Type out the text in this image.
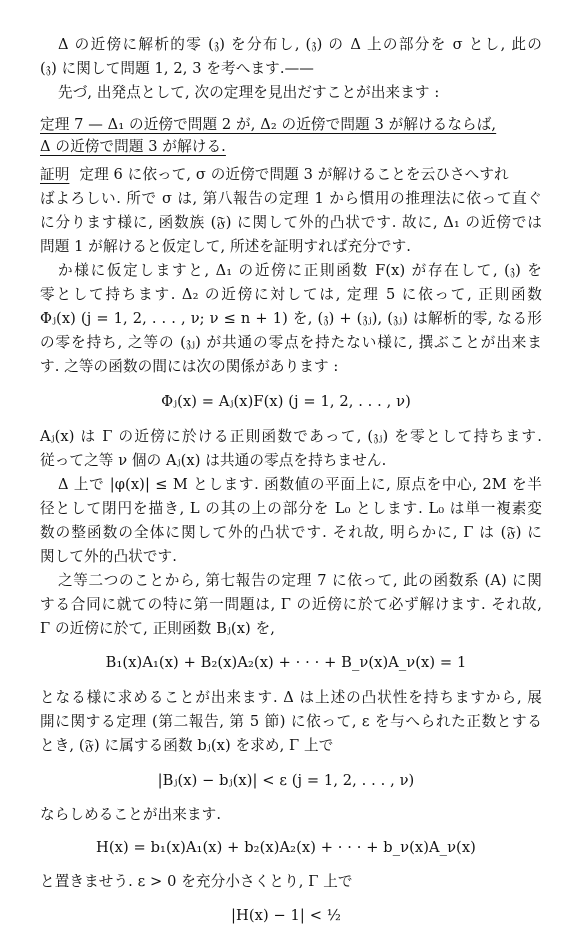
Δ の近傍に解析的零 (𝔷) を分布し, (𝔷) の Δ 上の部分を σ とし, 此の
(𝔷) に関して問題 1, 2, 3 を考へます.——
先づ, 出発点として, 次の定理を見出だすことが出来ます :
定理 7 — Δ₁ の近傍で問題 2 が, Δ₂ の近傍で問題 3 が解けるならば,
Δ の近傍で問題 3 が解ける.
証明 定理 6 に依って, σ の近傍で問題 3 が解けることを云ひさへすれ
ばよろしい. 所で σ は, 第八報告の定理 1 から慣用の推理法に依って直ぐ
に分ります様に, 函数族 (𝔉) に関して外的凸状です. 故に, Δ₁ の近傍では
問題 1 が解けると仮定して, 所述を証明すれば充分です.
か様に仮定しますと, Δ₁ の近傍に正則函数 F(x) が存在して, (𝔷) を
零として持ちます. Δ₂ の近傍に対しては, 定理 5 に依って, 正則函数
Φⱼ(x) (j = 1, 2, . . . , ν; ν ≤ n + 1) を, (𝔷) + (𝔷ⱼ), (𝔷ⱼ) は解析的零, なる形
の零を持ち, 之等の (𝔷ⱼ) が共通の零点を持たない様に, 撰ぶことが出来ま
す. 之等の函数の間には次の関係があります :
Φⱼ(x) = Aⱼ(x)F(x) (j = 1, 2, . . . , ν)
Aⱼ(x) は Γ の近傍に於ける正則函数であって, (𝔷ⱼ) を零として持ちます.
従って之等 ν 個の Aⱼ(x) は共通の零点を持ちません.
Δ 上で |φ(x)| ≤ M とします. 函数値の平面上に, 原点を中心, 2M を半
径として閉円を描き, L の其の上の部分を L₀ とします. L₀ は単一複素変
数の整函数の全体に関して外的凸状です. それ故, 明らかに, Γ は (𝔉) に
関して外的凸状です.
之等二つのことから, 第七報告の定理 7 に依って, 此の函数系 (A) に関
する合同に就ての特に第一問題は, Γ の近傍に於て必ず解けます. それ故,
Γ の近傍に於て, 正則函数 Bⱼ(x) を,
B₁(x)A₁(x) + B₂(x)A₂(x) + · · · + B_ν(x)A_ν(x) = 1
となる様に求めることが出来ます. Δ は上述の凸状性を持ちますから, 展
開に関する定理 (第二報告, 第 5 節) に依って, ε を与へられた正数とする
とき, (𝔉) に属する函数 bⱼ(x) を求め, Γ 上で
|Bⱼ(x) − bⱼ(x)| < ε (j = 1, 2, . . . , ν)
ならしめることが出来ます.
H(x) = b₁(x)A₁(x) + b₂(x)A₂(x) + · · · + b_ν(x)A_ν(x)
と置きませう. ε > 0 を充分小さくとり, Γ 上で
|H(x) − 1| < ½
